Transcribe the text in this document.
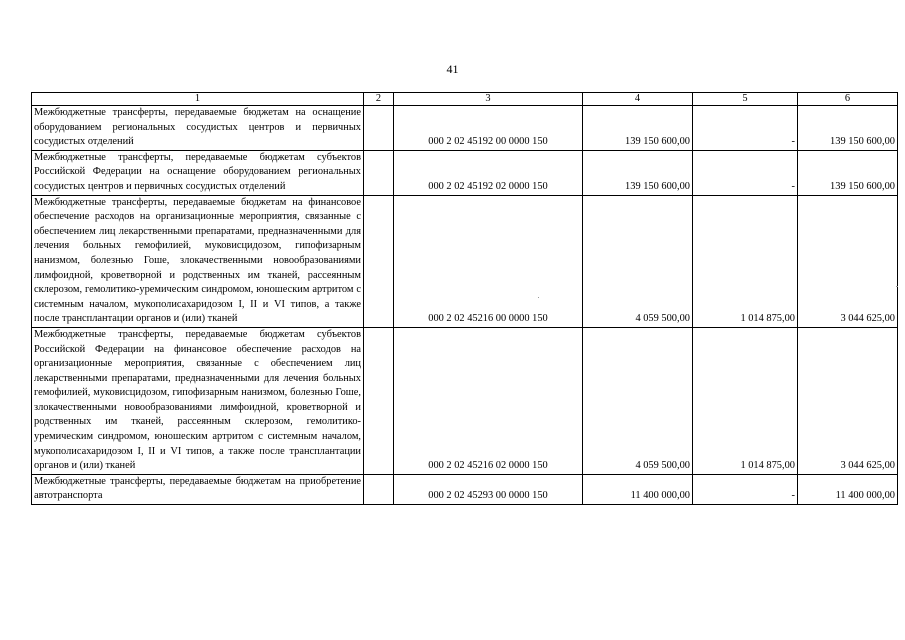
41
1	2	3	4	5	6
Межбюджетные трансферты, передаваемые бюджетам на оснащение оборудованием региональных сосудистых центров и первичных сосудистых отделений		000 2 02 45192 00 0000 150	139 150 600,00	-	139 150 600,00
Межбюджетные трансферты, передаваемые бюджетам субъектов Российской Федерации на оснащение оборудованием региональных сосудистых центров и первичных сосудистых отделений		000 2 02 45192 02 0000 150	139 150 600,00	-	139 150 600,00
Межбюджетные трансферты, передаваемые бюджетам на финансовое обеспечение расходов на организационные мероприятия, связанные с обеспечением лиц лекарственными препаратами, предназначенными для лечения больных гемофилией, муковисцидозом, гипофизарным нанизмом, болезнью Гоше, злокачественными новообразованиями лимфоидной, кроветворной и родственных им тканей, рассеянным склерозом, гемолитико-уремическим синдромом, юношеским артритом с системным началом, мукополисахаридозом I, II и VI типов, а также после трансплантации органов и (или) тканей		000 2 02 45216 00 0000 150	4 059 500,00	1 014 875,00	3 044 625,00
Межбюджетные трансферты, передаваемые бюджетам субъектов Российской Федерации на финансовое обеспечение расходов на организационные мероприятия, связанные с обеспечением лиц лекарственными препаратами, предназначенными для лечения больных гемофилией, муковисцидозом, гипофизарным нанизмом, болезнью Гоше, злокачественными новообразованиями лимфоидной, кроветворной и родственных им тканей, рассеянным склерозом, гемолитико-уремическим синдромом, юношеским артритом с системным началом, мукополисахаридозом I, II и VI типов, а также после трансплантации органов и (или) тканей		000 2 02 45216 02 0000 150	4 059 500,00	1 014 875,00	3 044 625,00
Межбюджетные трансферты, передаваемые бюджетам на приобретение автотранспорта		000 2 02 45293 00 0000 150	11 400 000,00	-	11 400 000,00
